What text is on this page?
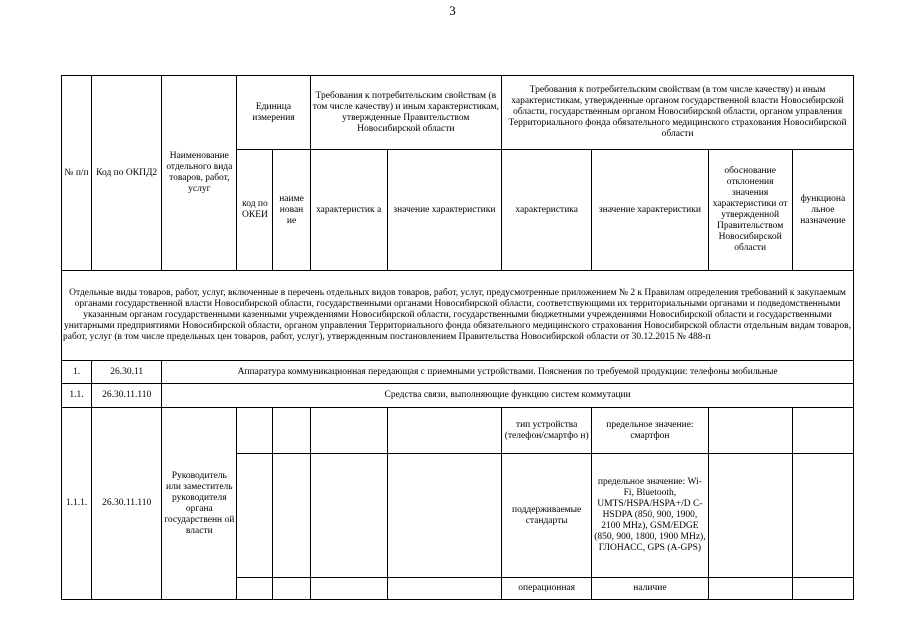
3
№ п/п	Код по ОКПД2	Наименование отдельного вида товаров, работ, услуг	Единица измерения		Требования к потребительским свойствам (в том числе качеству) и иным характеристикам, утвержденные Правительством Новосибирской области		Требования к потребительским свойствам (в том числе качеству) и иным характеристикам, утвержденные органом государственной власти Новосибирской области, государственным органом Новосибирской области, органом управления Территориального фонда обязательного медицинского страхования Новосибирской области			
			код по ОКЕИ	наиме нован ие	характеристик а	значение характеристики	характеристика	значение характеристики	обоснование отклонения значения характеристики от утвержденной Правительством Новосибирской области	функциона льное назначение
Отдельные виды товаров, работ, услуг, включенные в перечень отдельных видов товаров, работ, услуг, предусмотренные приложением № 2 к Правилам определения требований к закупаемым органами государственной власти Новосибирской области, государственными органами Новосибирской области, соответствующими их территориальными органами и подведомственными указанным органам государственными казенными учреждениями Новосибирской области, государственными бюджетными учреждениями Новосибирской области и государственными унитарными предприятиями Новосибирской области, органом управления Территориального фонда обязательного медицинского страхования Новосибирской области отдельным видам товаров, работ, услуг (в том числе предельных цен товаров, работ, услуг), утвержденным постановлением Правительства Новосибирской области от 30.12.2015 № 488-п										
1.	26.30.11	Аппаратура коммуникационная передающая с приемными устройствами. Пояснения по требуемой продукции: телефоны мобильные								
1.1.	26.30.11.110	Средства связи, выполняющие функцию систем коммутации								
1.1.1.	26.30.11.110	Руководитель или заместитель руководителя органа государственн ой власти					тип устройства (телефон/смартфо н)	предельное значение: смартфон		
							поддерживаемые стандарты	предельное значение: Wi-Fi, Bluetooth, UMTS/HSPA/HSPA+/D C-HSDPA (850, 900, 1900, 2100 MHz), GSM/EDGE (850, 900, 1800, 1900 MHz), ГЛОНАСС, GPS (A-GPS)		
							операционная	наличие		
